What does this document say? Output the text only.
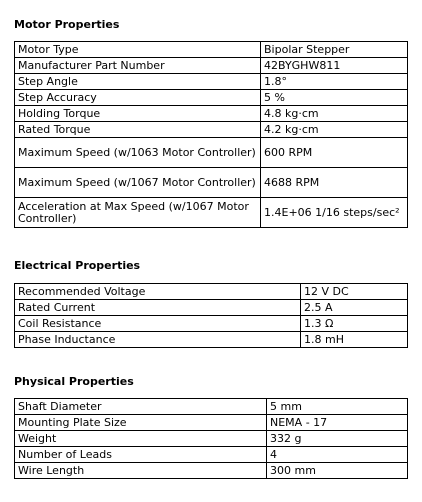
Motor Properties
Motor Type	Bipolar Stepper
Manufacturer Part Number	42BYGHW811
Step Angle	1.8°
Step Accuracy	5 %
Holding Torque	4.8 kg·cm
Rated Torque	4.2 kg·cm
Maximum Speed (w/1063 Motor Controller)	600 RPM
Maximum Speed (w/1067 Motor Controller)	4688 RPM
Acceleration at Max Speed (w/1067 Motor Controller)	1.4E+06 1/16 steps/sec²
Electrical Properties
Recommended Voltage	12 V DC
Rated Current	2.5 A
Coil Resistance	1.3 Ω
Phase Inductance	1.8 mH
Physical Properties
Shaft Diameter	5 mm
Mounting Plate Size	NEMA - 17
Weight	332 g
Number of Leads	4
Wire Length	300 mm
